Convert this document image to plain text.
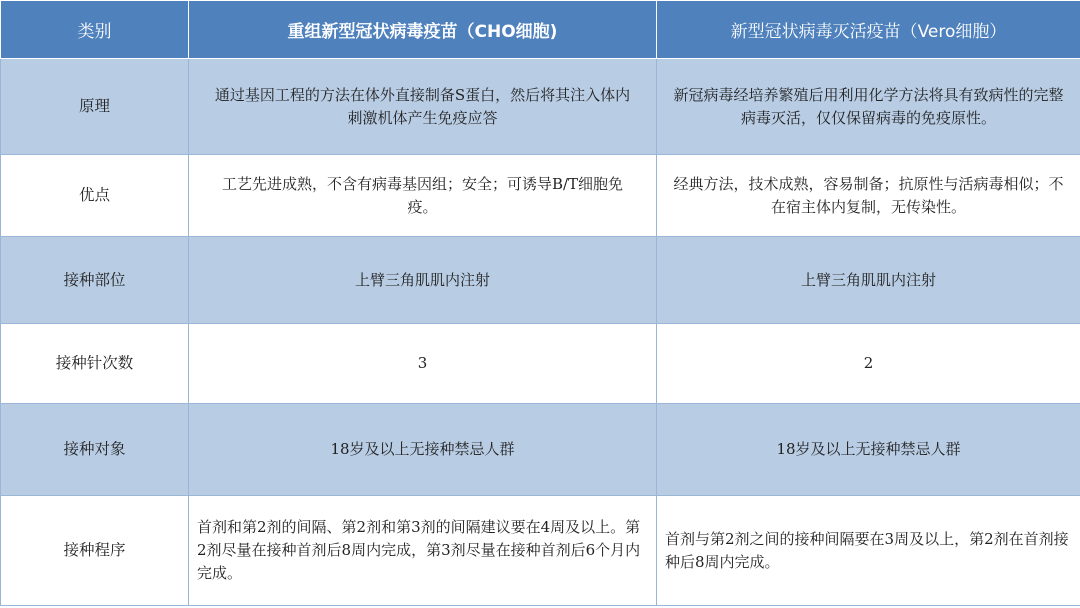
类别	重组新型冠状病毒疫苗（CHO细胞)	新型冠状病毒灭活疫苗（Vero细胞）
原理	通过基因工程的方法在体外直接制备S蛋白，然后将其注入体内刺激机体产生免疫应答	新冠病毒经培养繁殖后用利用化学方法将具有致病性的完整病毒灭活，仅仅保留病毒的免疫原性。
优点	工艺先进成熟，不含有病毒基因组；安全；可诱导B/T细胞免疫。	经典方法，技术成熟，容易制备；抗原性与活病毒相似；不在宿主体内复制，无传染性。
接种部位	上臂三角肌肌内注射	上臂三角肌肌内注射
接种针次数	3	2
接种对象	18岁及以上无接种禁忌人群	18岁及以上无接种禁忌人群
接种程序	首剂和第2剂的间隔、第2剂和第3剂的间隔建议要在4周及以上。第2剂尽量在接种首剂后8周内完成，第3剂尽量在接种首剂后6个月内完成。	首剂与第2剂之间的接种间隔要在3周及以上，第2剂在首剂接种后8周内完成。
